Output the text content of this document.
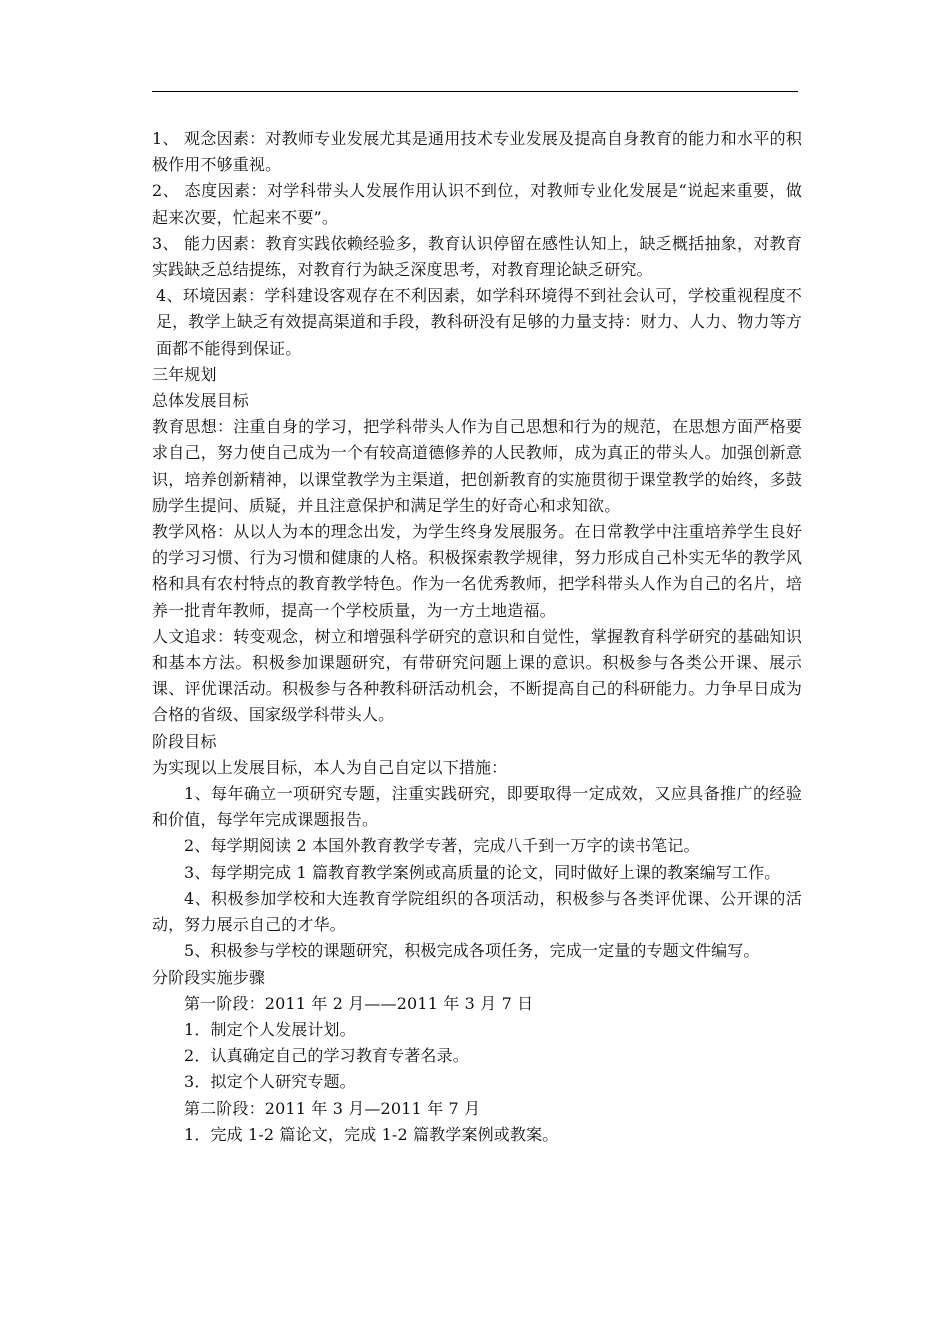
1、 观念因素：对教师专业发展尤其是通用技术专业发展及提高自身教育的能力和水平的积极作用不够重视。

2、 态度因素：对学科带头人发展作用认识不到位，对教师专业化发展是“说起来重要，做起来次要，忙起来不要”。

3、 能力因素：教育实践依赖经验多，教育认识停留在感性认知上，缺乏概括抽象，对教育实践缺乏总结提练，对教育行为缺乏深度思考，对教育理论缺乏研究。

4、环境因素：学科建设客观存在不利因素，如学科环境得不到社会认可，学校重视程度不足，教学上缺乏有效提高渠道和手段，教科研没有足够的力量支持：财力、人力、物力等方面都不能得到保证。

三年规划

总体发展目标

教育思想：注重自身的学习，把学科带头人作为自己思想和行为的规范，在思想方面严格要求自己，努力使自己成为一个有较高道德修养的人民教师，成为真正的带头人。加强创新意识，培养创新精神，以课堂教学为主渠道，把创新教育的实施贯彻于课堂教学的始终，多鼓励学生提问、质疑，并且注意保护和满足学生的好奇心和求知欲。

教学风格：从以人为本的理念出发，为学生终身发展服务。在日常教学中注重培养学生良好的学习习惯、行为习惯和健康的人格。积极探索教学规律，努力形成自己朴实无华的教学风格和具有农村特点的教育教学特色。作为一名优秀教师，把学科带头人作为自己的名片，培养一批青年教师，提高一个学校质量，为一方土地造福。

人文追求：转变观念，树立和增强科学研究的意识和自觉性，掌握教育科学研究的基础知识和基本方法。积极参加课题研究，有带研究问题上课的意识。积极参与各类公开课、展示课、评优课活动。积极参与各种教科研活动机会，不断提高自己的科研能力。力争早日成为合格的省级、国家级学科带头人。

阶段目标

为实现以上发展目标，本人为自己自定以下措施：

1、每年确立一项研究专题，注重实践研究，即要取得一定成效，又应具备推广的经验和价值，每学年完成课题报告。

2、每学期阅读 2 本国外教育教学专著，完成八千到一万字的读书笔记。

3、每学期完成 1 篇教育教学案例或高质量的论文，同时做好上课的教案编写工作。

4、积极参加学校和大连教育学院组织的各项活动，积极参与各类评优课、公开课的活动，努力展示自己的才华。

5、积极参与学校的课题研究，积极完成各项任务，完成一定量的专题文件编写。

分阶段实施步骤

第一阶段：2011 年 2 月——2011 年 3 月 7 日

1．制定个人发展计划。

2．认真确定自己的学习教育专著名录。

3．拟定个人研究专题。

第二阶段：2011 年 3 月—2011 年 7 月

1．完成 1-2 篇论文，完成 1-2 篇教学案例或教案。
